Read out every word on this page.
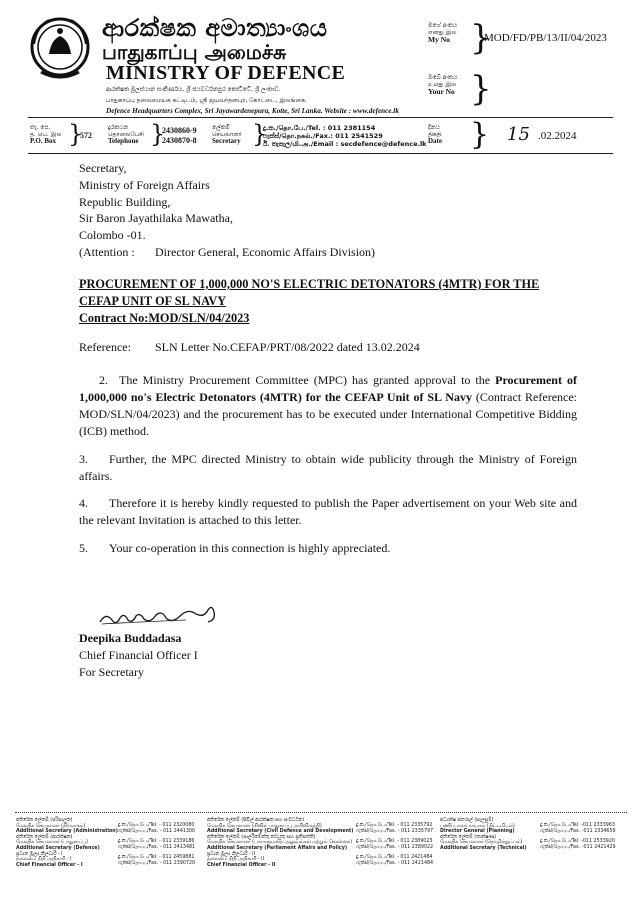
ආරක්ෂක අමාත්‍යාංශය
பாதுகாப்பு அமைச்சு
MINISTRY OF DEFENCE
ආරක්ෂක මූලස්ථාන සංකීර්ණය, ශ්‍රී ජයවර්ධනපුර කෝට්ටේ, ශ්‍රී ලංකාව.
பாதுகாப்பு தலைமையக கட்டிடம், ஸ்ரீ ஜயவர்தனபுர, கோட்டை, இலங்கை.
Defence Headquarters Complex, Sri Jayawardenepura, Kotte, Sri Lanka. Website : www.defence.lk
මගේ අංකය
எனது இல
My No }
MOD/FD/PB/13/II/04/2023
ඔබේ අංකය
உமது இல
Your No }
තැ. පෙ.
த. பெ. இல
P.O. Box }
572
දුරකථන
தொலைபேசி
Telephone }
2430860-9
2430870-8
ලේකම්
செயலாளர்
Secretary }
දු.ක./தொ.பே./Tel. : 011 2381154
ෆැක්ස්/தொ.நகல்./Fax.: 011 2541529
ඊ. තැපැල/மி.அ./Email : secdefence@defence.lk
දිනය
திகதி
Date } 15 .02.2024
Secretary,
Ministry of Foreign Affairs
Republic Building,
Sir Baron Jayathilaka Mawatha,
Colombo -01.
(Attention : Director General, Economic Affairs Division)
PROCUREMENT OF 1,000,000 NO'S ELECTRIC DETONATORS (4MTR) FOR THE
CEFAP UNIT OF SL NAVY
Contract No:MOD/SLN/04/2023
Reference: SLN Letter No.CEFAP/PRT/08/2022 dated 13.02.2024
2. The Ministry Procurement Committee (MPC) has granted approval to the Procurement of 1,000,000 no's Electric Detonators (4MTR) for the CEFAP Unit of SL Navy (Contract Reference: MOD/SLN/04/2023) and the procurement has to be executed under International Competitive Bidding (ICB) method.
3. Further, the MPC directed Ministry to obtain wide publicity through the Ministry of Foreign affairs.
4. Therefore it is hereby kindly requested to publish the Paper advertisement on your Web site and the relevant Invitation is attached to this letter.
5. Your co-operation in this connection is highly appreciated.
Deepika Buddadasa
Chief Financial Officer I
For Secretary
අතිරේක ලේකම් (පරිපාලන)
மேலதிக செயலாளர் (நிர்வாகம்)
Additional Secretary (Administration)
අතිරේක ලේකම් (ආරක්ෂක)
மேலதிக செயலாளர் (பாதுகாப்பு)
Additional Secretary (Defence)
ප්‍රධාන මූල්‍ය නිලධාරී - I
தலைமை நிதி அதிகாரி - I
Chief Financial Officer - I
දු.ක./தொ.பே./Tel. - 011 2320080
ෆැක්ස්/தொ.ந./Fax. - 011 2441300
දු.ක./தொ.பே./Tel. - 011 2339186
ෆැක්ස්/தொ.ந./Fax. - 011 2413481
දු.ක./தொ.பே./Tel. - 011 2459881
ෆැක්ස්/தொ.ந./Fax. - 011 2390720
අතිරේක ලේකම් (සිවිල් ආරක්ෂක සහ සංවර්ධන)
மேலதிக செயலாளர் (சிவில் பாதுகாப்பு அபிவிருத்தி)
Additional Secretary (Civil Defence and Development)
අතිරේක ලේකම් (පාර්ලිමේන්තු කටයුතු සහ ප්‍රතිපත්ති)
மேலதிக செயலாளர் (பாராளுமன்ற அலுவல்கள் மற்றும் கொள்கை)
Additional Secretary (Parliament Affairs and Policy)
ප්‍රධාන මූල්‍ය නිලධාරී - II
தலைமை நிதி அதிகாரி - II
Chief Financial Officer - II
දු.ක./தொ.பே./Tel. - 011 2335792
ෆැක්ස්/தொ.ந./Fax. - 011 2335797
දු.ක./தொ.பே./Tel. - 011 2389023
ෆැක්ස්/தொ.ந./Fax. - 011 2389022
දු.ක./தொ.பே./Tel. - 011 2421484
ෆැක්ස්/தொ.ந./Fax. - 011 2421484
අධ්‍යක්ෂ ජනරාල් (සැලසුම්)
பணிப்பாளர் நாயகம் (திட்டமிடல்)
Director General (Planning)
අතිරේක ලේකම් (තාක්ෂණ)
மேலதிக செயலாளர் (தொழில்நுட்பம்)
Additional Secretary (Technical)
දු.ක./தொ.பே./Tel. -011 2333963
ෆැක්ස්/தொ.ந./Fax. -011 2334659
දු.ක./தொ.பே./Tel. -011 2533920
ෆැක්ස්/தொ.ந./Fax. -011 2421429
